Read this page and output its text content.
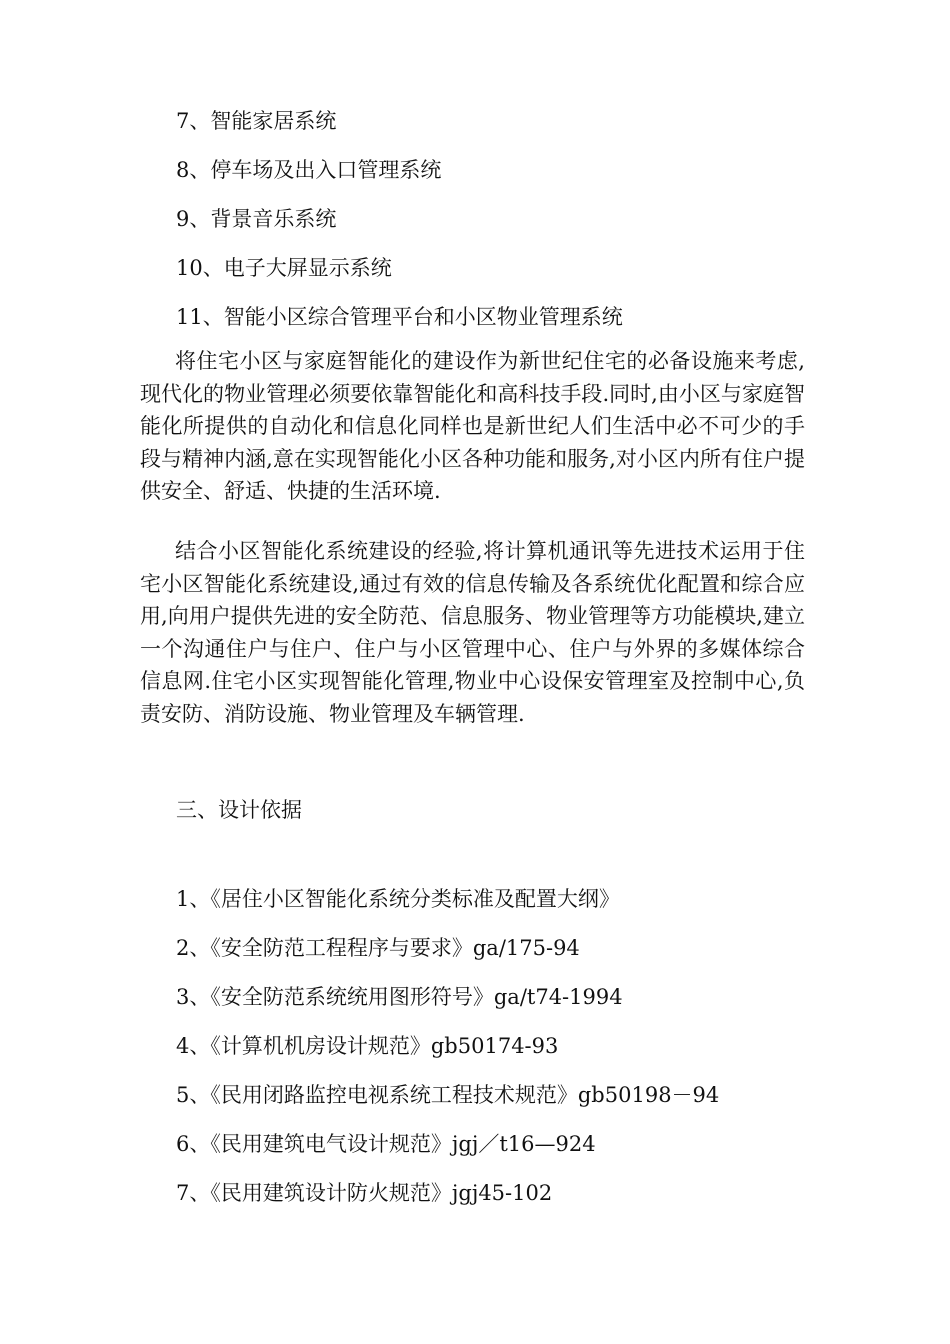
7、智能家居系统
8、停车场及出入口管理系统
9、背景音乐系统
10、电子大屏显示系统
11、智能小区综合管理平台和小区物业管理系统

将住宅小区与家庭智能化的建设作为新世纪住宅的必备设施来考虑,现代化的物业管理必须要依靠智能化和高科技手段.同时,由小区与家庭智能化所提供的自动化和信息化同样也是新世纪人们生活中必不可少的手段与精神内涵,意在实现智能化小区各种功能和服务,对小区内所有住户提供安全、舒适、快捷的生活环境.

结合小区智能化系统建设的经验,将计算机通讯等先进技术运用于住宅小区智能化系统建设,通过有效的信息传输及各系统优化配置和综合应用,向用户提供先进的安全防范、信息服务、物业管理等方功能模块,建立一个沟通住户与住户、住户与小区管理中心、住户与外界的多媒体综合信息网.住宅小区实现智能化管理,物业中心设保安管理室及控制中心,负责安防、消防设施、物业管理及车辆管理.

三、设计依据
1、《居住小区智能化系统分类标准及配置大纲》
2、《安全防范工程程序与要求》ga/175-94
3、《安全防范系统统用图形符号》ga/t74-1994
4、《计算机机房设计规范》gb50174-93
5、《民用闭路监控电视系统工程技术规范》gb50198－94
6、《民用建筑电气设计规范》jgj／t16—924
7、《民用建筑设计防火规范》jgj45-102
